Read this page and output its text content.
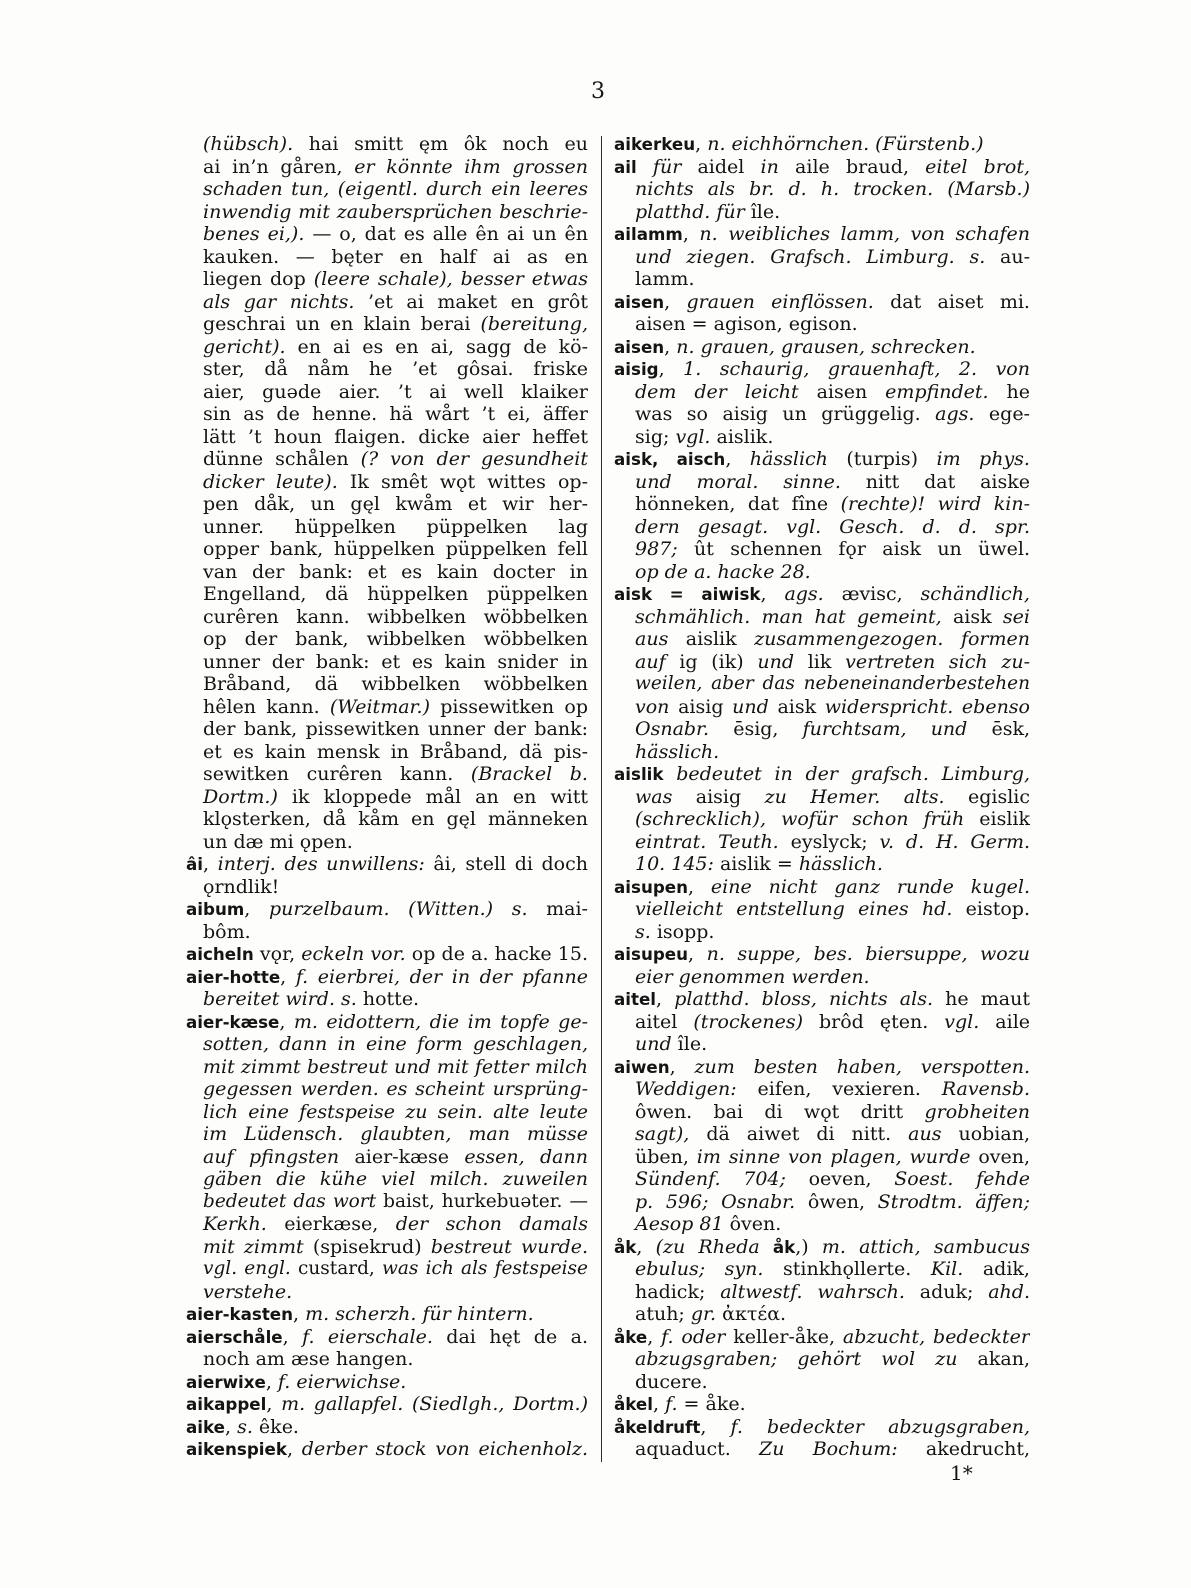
3
(hübsch). hai smitt ęm ôk noch eu
ai in’n gåren, er könnte ihm grossen
schaden tun, (eigentl. durch ein leeres
inwendig mit zaubersprüchen beschrie-
benes ei,). — o, dat es alle ên ai un ên
kauken. — bęter en half ai as en
liegen dop (leere schale), besser etwas
als gar nichts. ’et ai maket en grôt
geschrai un en klain berai (bereitung,
gericht). en ai es en ai, sagg de kö-
ster, då nåm he ’et gôsai. friske
aier, guəde aier. ’t ai well klaiker
sin as de henne. hä wårt ’t ei, äffer
lätt ’t houn flaigen. dicke aier heffet
dünne schålen (? von der gesundheit
dicker leute). Ik smêt wǫt wittes op-
pen dåk, un gęl kwåm et wir her-
unner. hüppelken püppelken lag
opper bank, hüppelken püppelken fell
van der bank: et es kain docter in
Engelland, dä hüppelken püppelken
curêren kann. wibbelken wöbbelken
op der bank, wibbelken wöbbelken
unner der bank: et es kain snider in
Bråband, dä wibbelken wöbbelken
hêlen kann. (Weitmar.) pissewitken op
der bank, pissewitken unner der bank:
et es kain mensk in Bråband, dä pis-
sewitken curêren kann. (Brackel b.
Dortm.) ik kloppede mål an en witt
klǫsterken, då kåm en gęl männeken
un dæ mi ǫpen.
âi, interj. des unwillens: âi, stell di doch
ǫrndlik!
aibum, purzelbaum. (Witten.) s. mai-
bôm.
aicheln vǫr, eckeln vor. op de a. hacke 15.
aier-hotte, f. eierbrei, der in der pfanne
bereitet wird. s. hotte.
aier-kæse, m. eidottern, die im topfe ge-
sotten, dann in eine form geschlagen,
mit zimmt bestreut und mit fetter milch
gegessen werden. es scheint ursprüng-
lich eine festspeise zu sein. alte leute
im Lüdensch. glaubten, man müsse
auf pfingsten aier-kæse essen, dann
gäben die kühe viel milch. zuweilen
bedeutet das wort baist, hurkebuəter. —
Kerkh. eierkæse, der schon damals
mit zimmt (spisekrud) bestreut wurde.
vgl. engl. custard, was ich als festspeise
verstehe.
aier-kasten, m. scherzh. für hintern.
aierschåle, f. eierschale. dai hęt de a.
noch am æse hangen.
aierwixe, f. eierwichse.
aikappel, m. gallapfel. (Siedlgh., Dortm.)
aike, s. êke.
aikenspiek, derber stock von eichenholz.
aikerkeu, n. eichhörnchen. (Fürstenb.)
ail für aidel in aile braud, eitel brot,
nichts als br. d. h. trocken. (Marsb.)
platthd. für île.
ailamm, n. weibliches lamm, von schafen
und ziegen. Grafsch. Limburg. s. au-
lamm.
aisen, grauen einflössen. dat aiset mi.
aisen = agison, egison.
aisen, n. grauen, grausen, schrecken.
aisig, 1. schaurig, grauenhaft, 2. von
dem der leicht aisen empfindet. he
was so aisig un grüggelig. ags. ege-
sig; vgl. aislik.
aisk, aisch, hässlich (turpis) im phys.
und moral. sinne. nitt dat aiske
hönneken, dat fîne (rechte)! wird kin-
dern gesagt. vgl. Gesch. d. d. spr.
987; ût schennen fǫr aisk un üwel.
op de a. hacke 28.
aisk = aiwisk, ags. ævisc, schändlich,
schmählich. man hat gemeint, aisk sei
aus aislik zusammengezogen. formen
auf ig (ik) und lik vertreten sich zu-
weilen, aber das nebeneinanderbestehen
von aisig und aisk widerspricht. ebenso
Osnabr. ēsig, furchtsam, und ēsk,
hässlich.
aislik bedeutet in der grafsch. Limburg,
was aisig zu Hemer. alts. egislic
(schrecklich), wofür schon früh eislik
eintrat. Teuth. eyslyck; v. d. H. Germ.
10. 145: aislik = hässlich.
aisupen, eine nicht ganz runde kugel.
vielleicht entstellung eines hd. eistop.
s. isopp.
aisupeu, n. suppe, bes. biersuppe, wozu
eier genommen werden.
aitel, platthd. bloss, nichts als. he maut
aitel (trockenes) brôd ęten. vgl. aile
und île.
aiwen, zum besten haben, verspotten.
Weddigen: eifen, vexieren. Ravensb.
ôwen. bai di wǫt dritt grobheiten
sagt), dä aiwet di nitt. aus uobian,
üben, im sinne von plagen, wurde oven,
Sündenf. 704; oeven, Soest. fehde
p. 596; Osnabr. ôwen, Strodtm. äffen;
Aesop 81 ôven.
åk, (zu Rheda åk,) m. attich, sambucus
ebulus; syn. stinkhǫllerte. Kil. adik,
hadick; altwestf. wahrsch. aduk; ahd.
atuh; gr. ἀκτέα.
åke, f. oder keller-åke, abzucht, bedeckter
abzugsgraben; gehört wol zu akan,
ducere.
åkel, f. = åke.
åkeldruft, f. bedeckter abzugsgraben,
aquaduct. Zu Bochum: akedrucht,
1*
